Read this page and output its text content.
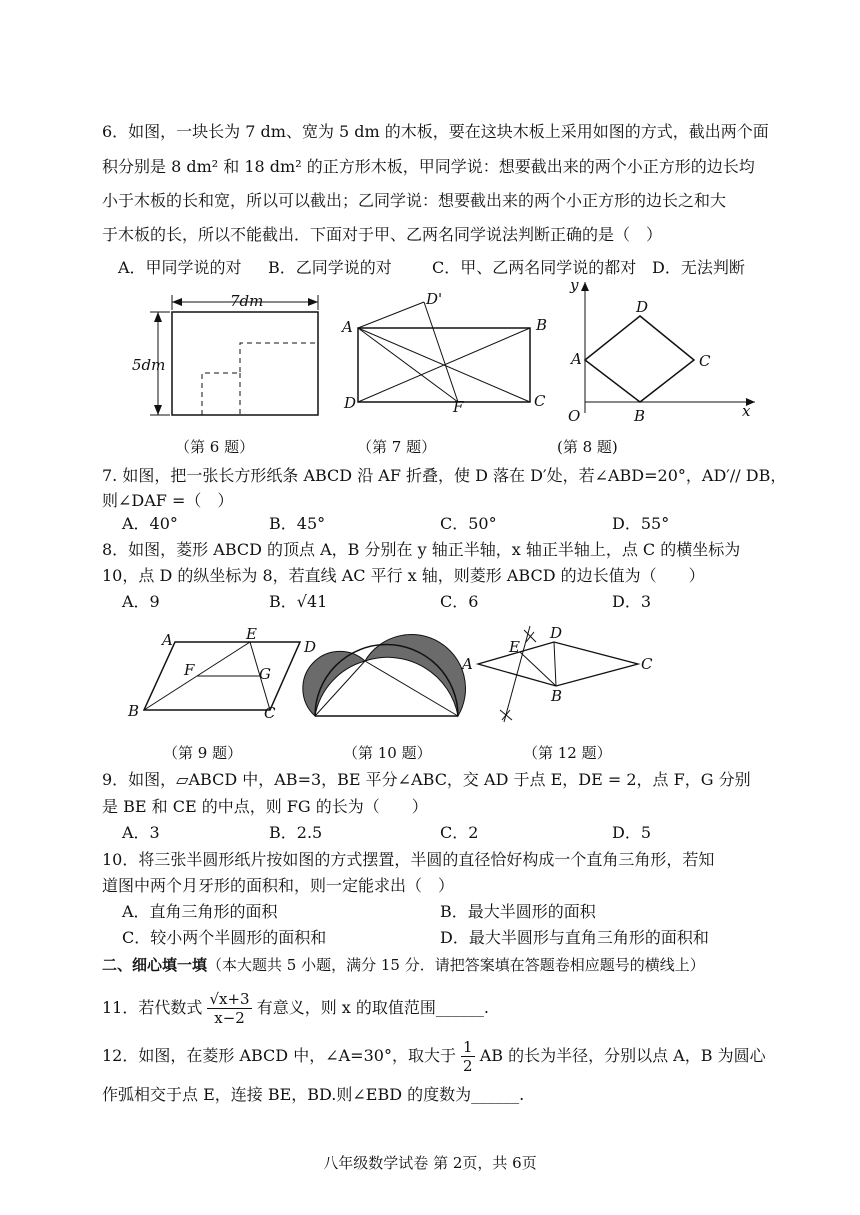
6．如图，一块长为 7 dm、宽为 5 dm 的木板，要在这块木板上采用如图的方式，截出两个面
积分别是 8 dm² 和 18 dm² 的正方形木板，甲同学说：想要截出来的两个小正方形的边长均
小于木板的长和宽，所以可以截出；乙同学说：想要截出来的两个小正方形的边长之和大
于木板的长，所以不能截出．下面对于甲、乙两名同学说法判断正确的是（　）
A．甲同学说的对 B．乙同学说的对	C．甲、乙两名同学说的都对 D．无法判断
7dm
5dm
（第 6 题）
A	B
C
D
D'
F
（第 7 题）
y
x
O
A
B
C
D
(第 8 题)
7. 如图，把一张长方形纸条 ABCD 沿 AF 折叠，使 D 落在 D′处，若∠ABD=20°，AD′// DB，
则∠DAF =（　）
A．40°	B．45°	C．50°	D．55°
8．如图，菱形 ABCD 的顶点 A，B 分别在 y 轴正半轴，x 轴正半轴上，点 C 的横坐标为
10，点 D 的纵坐标为 8，若直线 AC 平行 x 轴，则菱形 ABCD 的边长值为（　　）
A．9	B．√41	C．6	D．3
A	E
D
F	G
B	C
（第 9 题）	（第 10 题）
E
D
A	C
B
（第 12 题）
9．如图，▱ABCD 中，AB=3，BE 平分∠ABC，交 AD 于点 E，DE = 2，点 F，G 分别
是 BE 和 CE 的中点，则 FG 的长为（　　）
A．3	B．2.5	C．2	D．5
10．将三张半圆形纸片按如图的方式摆置，半圆的直径恰好构成一个直角三角形，若知
道图中两个月牙形的面积和，则一定能求出（　）
A．直角三角形的面积	B．最大半圆形的面积
C．较小两个半圆形的面积和	D．最大半圆形与直角三角形的面积和
二、细心填一填（本大题共 5 小题，满分 15 分．请把答案填在答题卷相应题号的横线上）
11．若代数式 $\frac{√x+3}{x-2}$ 有意义，则 x 的取值范围______.
12．如图，在菱形 ABCD 中，∠A=30°，取大于 $\frac{1}{2}$ AB 的长为半径，分别以点 A，B 为圆心
作弧相交于点 E，连接 BE，BD.则∠EBD 的度数为______.
八年级数学试卷 第 2页，共 6页
